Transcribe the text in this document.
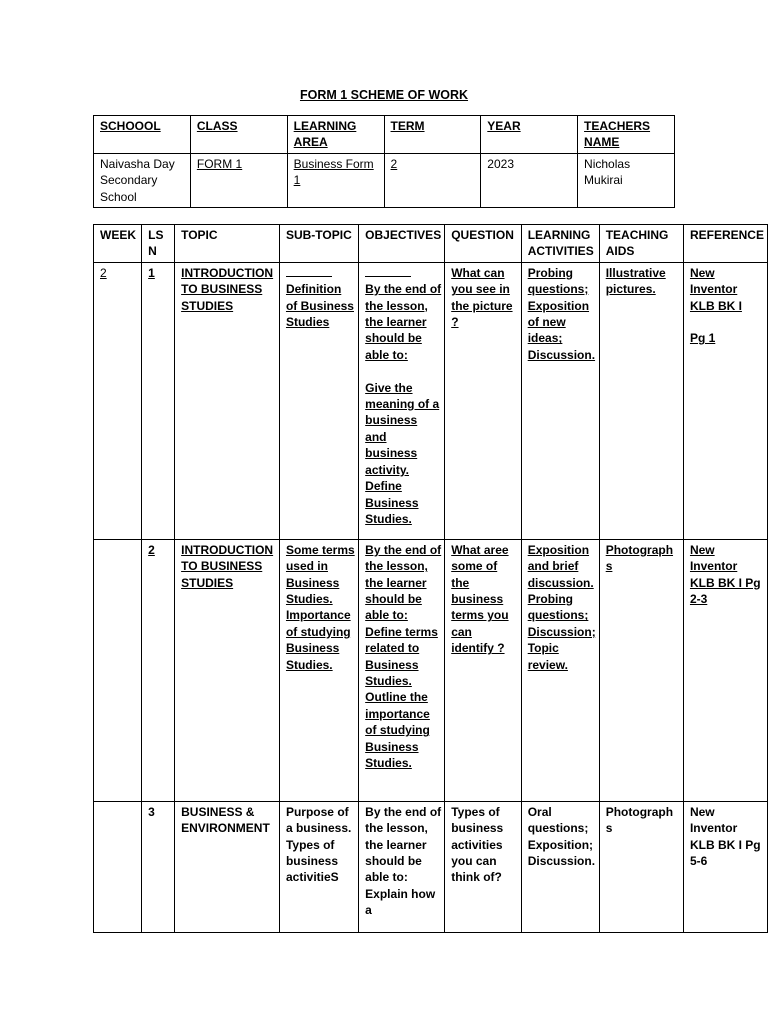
FORM 1 SCHEME OF WORK
SCHOOOL	CLASS	LEARNING AREA	TERM	YEAR	TEACHERS NAME
Naivasha Day Secondary School	FORM 1	Business Form 1	2	2023	Nicholas Mukirai
WEEK	LS N	TOPIC	SUB-TOPIC	OBJECTIVES	QUESTION	LEARNING ACTIVITIES	TEACHING AIDS	REFERENCE
2	1	INTRODUCTION TO BUSINESS STUDIES	Definition of Business Studies	By the end of the lesson, the learner should be able to:

Give the meaning of a business and business activity. Define Business Studies.	What can you see in the picture ?	Probing questions; Exposition of new ideas; Discussion.	Illustrative pictures.	New Inventor KLB BK I

Pg 1
	2	INTRODUCTION TO BUSINESS STUDIES	Some terms used in Business Studies. Importance of studying Business Studies.	By the end of the lesson, the learner should be able to: Define terms related to Business Studies. Outline the importance of studying Business Studies.	What aree some of the business terms you can identify ?	Exposition and brief discussion. Probing questions; Discussion; Topic review.	Photograph s	New Inventor KLB BK I Pg 2-3
	3	BUSINESS & ENVIRONMENT	Purpose of a business. Types of business activitieS	By the end of the lesson, the learner should be able to: Explain how a	Types of business activities you can think of?	Oral questions; Exposition; Discussion.	Photograph s	New Inventor KLB BK I Pg 5-6
